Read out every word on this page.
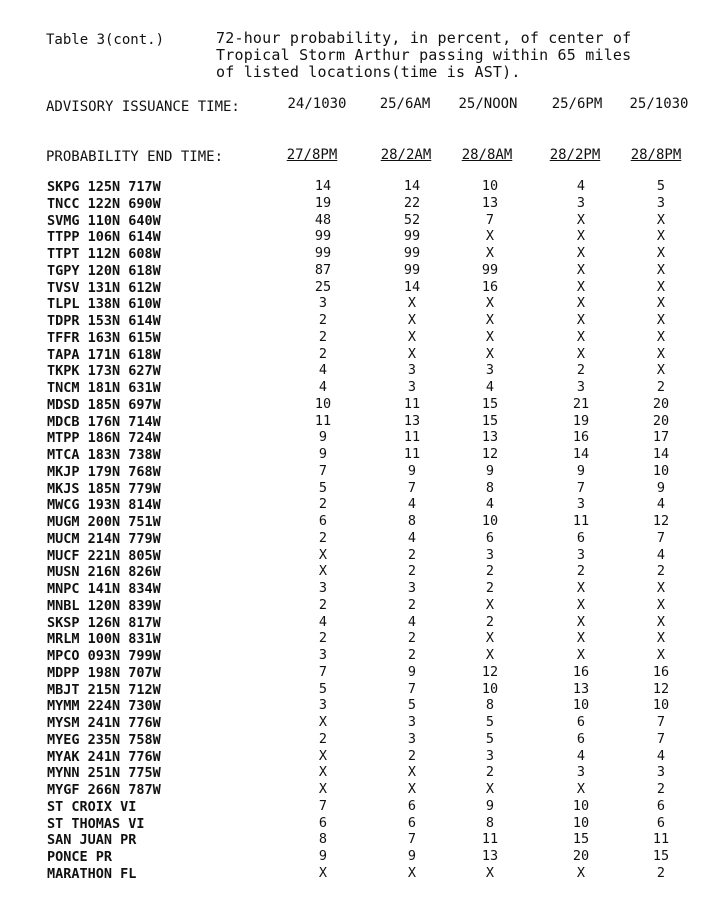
Table 3(cont.)	72-hour probability, in percent, of center of
Tropical Storm Arthur passing within 65 miles
of listed locations(time is AST).
ADVISORY ISSUANCE TIME:	24/1030	25/6AM	25/NOON	25/6PM	25/1030
PROBABILITY END TIME:	27/8PM	28/2AM	28/8AM	28/2PM	28/8PM
SKPG 125N 717W	14	14	10	4	5
TNCC 122N 690W	19	22	13	3	3
SVMG 110N 640W	48	52	7	X	X
TTPP 106N 614W	99	99	X	X	X
TTPT 112N 608W	99	99	X	X	X
TGPY 120N 618W	87	99	99	X	X
TVSV 131N 612W	25	14	16	X	X
TLPL 138N 610W	3	X	X	X	X
TDPR 153N 614W	2	X	X	X	X
TFFR 163N 615W	2	X	X	X	X
TAPA 171N 618W	2	X	X	X	X
TKPK 173N 627W	4	3	3	2	X
TNCM 181N 631W	4	3	4	3	2
MDSD 185N 697W	10	11	15	21	20
MDCB 176N 714W	11	13	15	19	20
MTPP 186N 724W	9	11	13	16	17
MTCA 183N 738W	9	11	12	14	14
MKJP 179N 768W	7	9	9	9	10
MKJS 185N 779W	5	7	8	7	9
MWCG 193N 814W	2	4	4	3	4
MUGM 200N 751W	6	8	10	11	12
MUCM 214N 779W	2	4	6	6	7
MUCF 221N 805W	X	2	3	3	4
MUSN 216N 826W	X	2	2	2	2
MNPC 141N 834W	3	3	2	X	X
MNBL 120N 839W	2	2	X	X	X
SKSP 126N 817W	4	4	2	X	X
MRLM 100N 831W	2	2	X	X	X
MPCO 093N 799W	3	2	X	X	X
MDPP 198N 707W	7	9	12	16	16
MBJT 215N 712W	5	7	10	13	12
MYMM 224N 730W	3	5	8	10	10
MYSM 241N 776W	X	3	5	6	7
MYEG 235N 758W	2	3	5	6	7
MYAK 241N 776W	X	2	3	4	4
MYNN 251N 775W	X	X	2	3	3
MYGF 266N 787W	X	X	X	X	2
ST CROIX VI	7	6	9	10	6
ST THOMAS VI	6	6	8	10	6
SAN JUAN PR	8	7	11	15	11
PONCE PR	9	9	13	20	15
MARATHON FL	X	X	X	X	2
